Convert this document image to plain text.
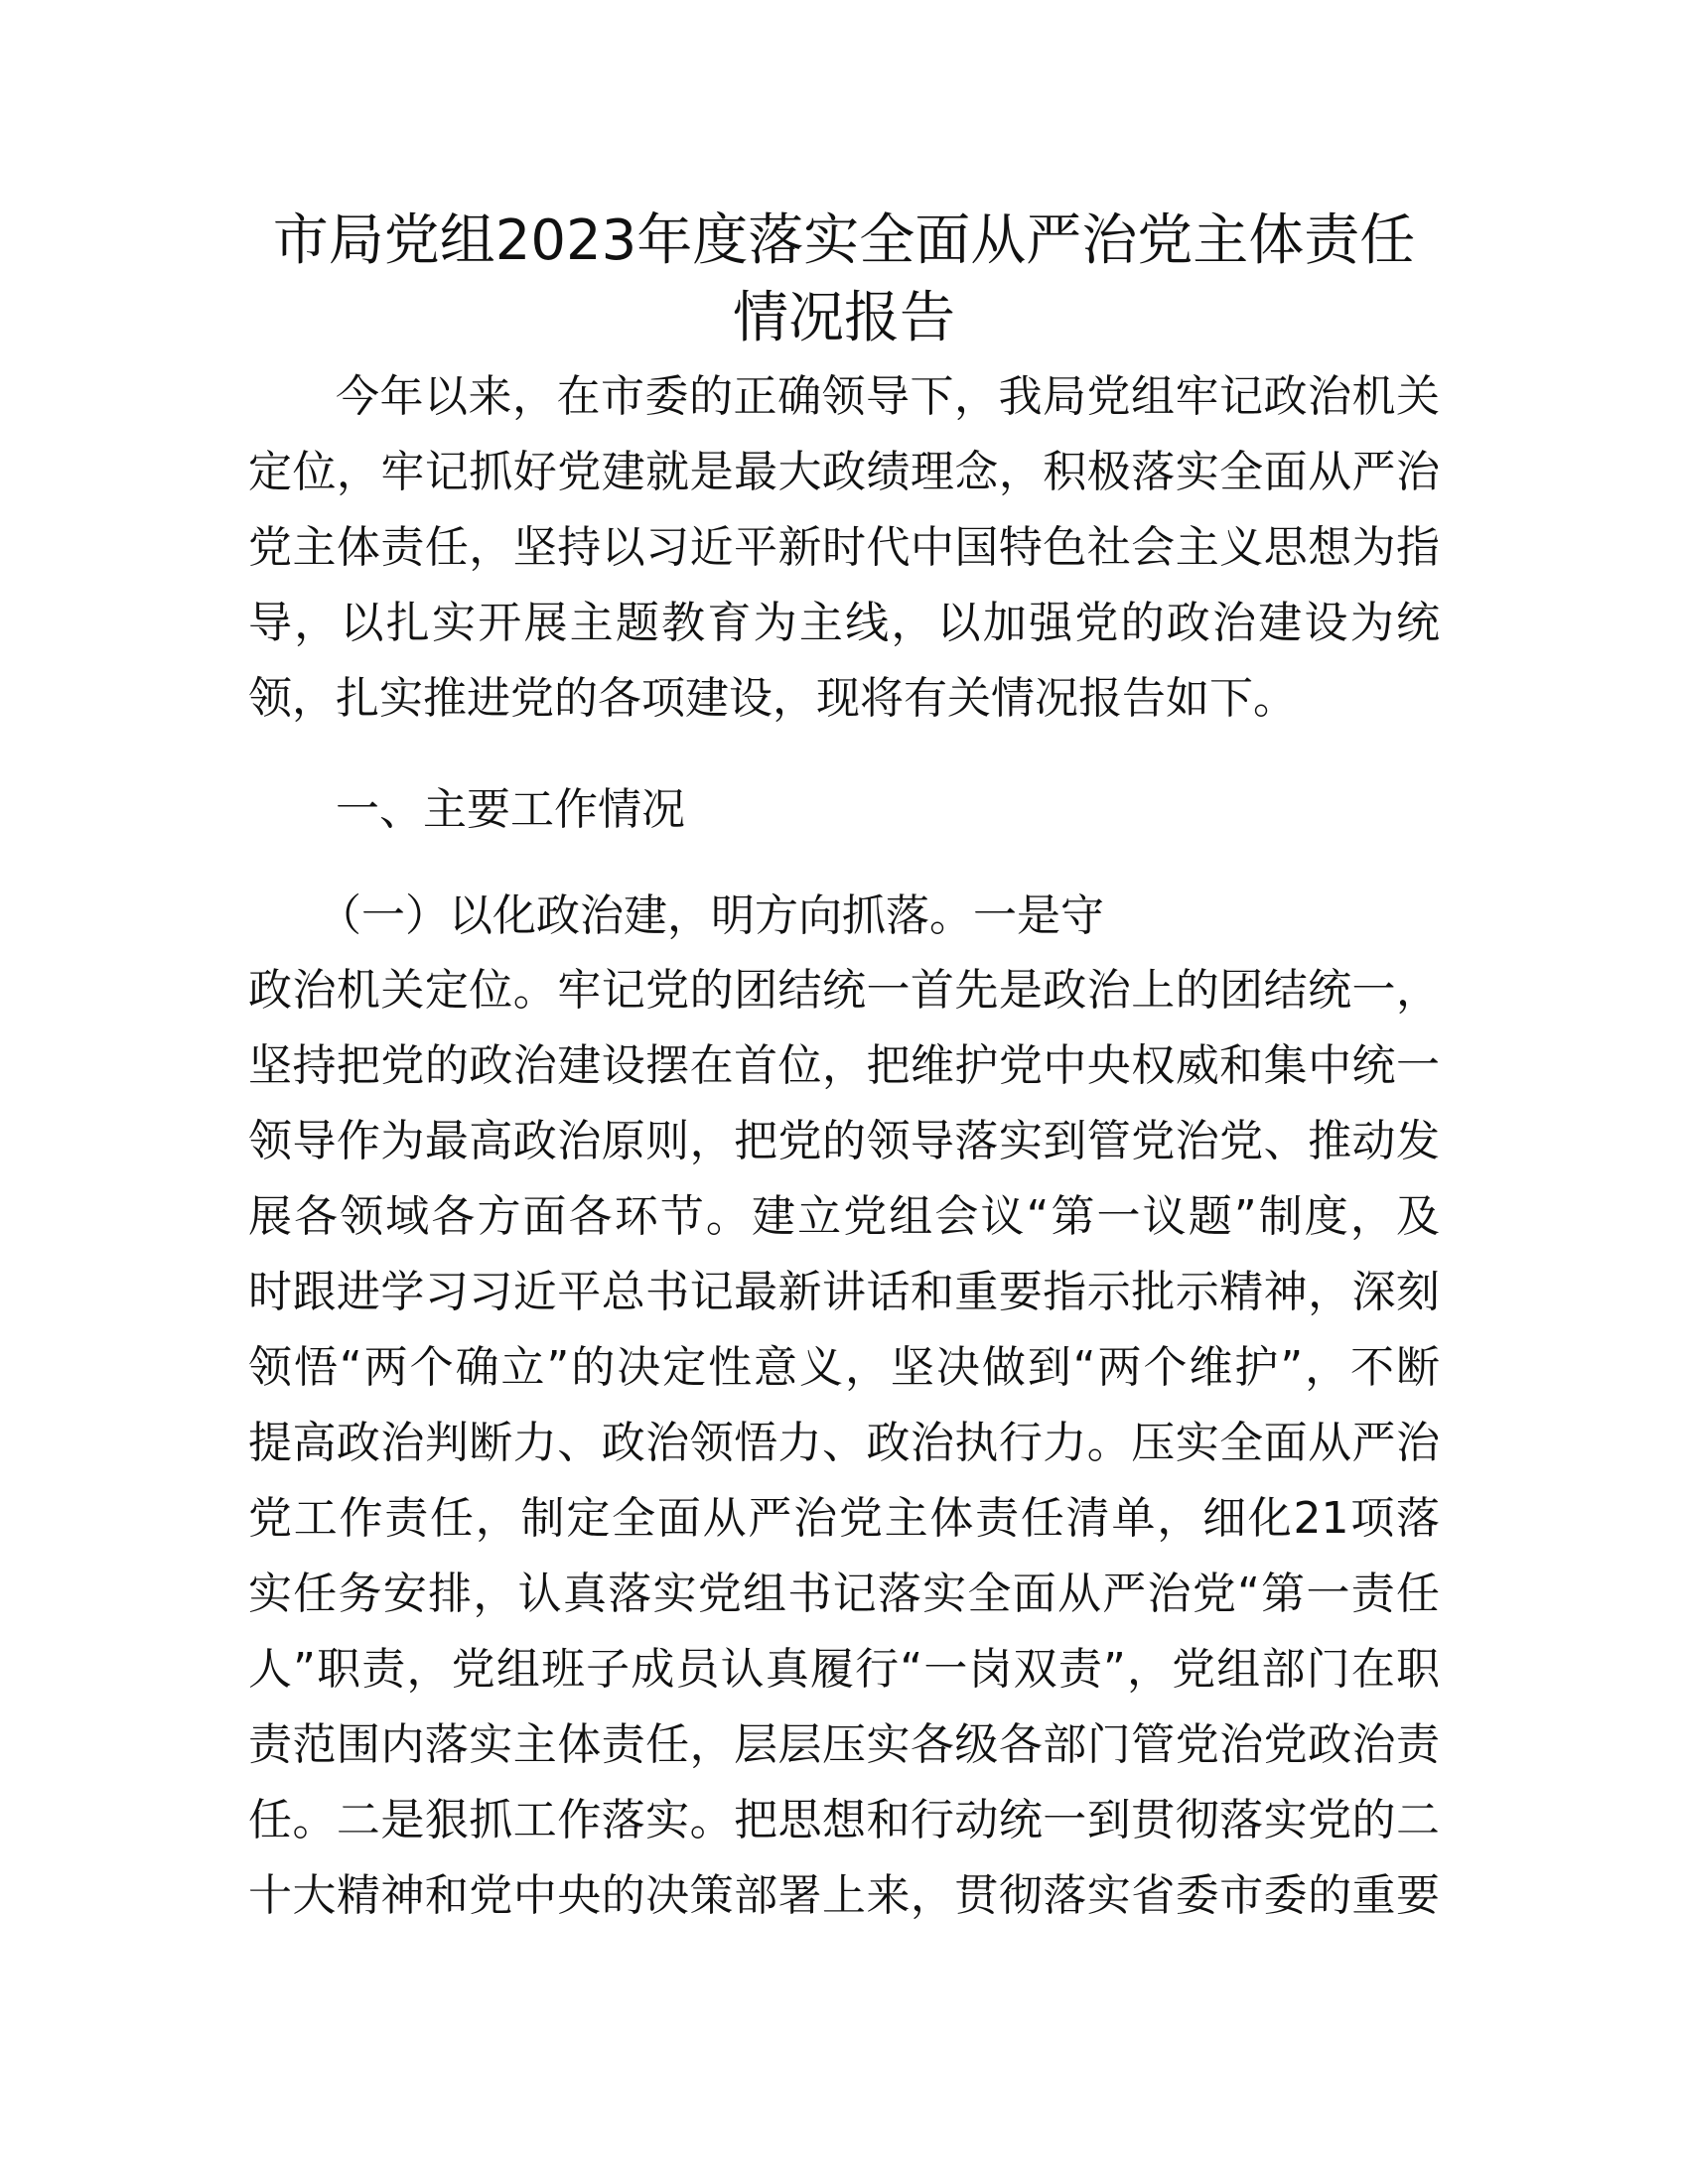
市局党组2023年度落实全面从严治党主体责任
情况报告
今年以来，在市委的正确领导下，我局党组牢记政治机关
定位，牢记抓好党建就是最大政绩理念，积极落实全面从严治
党主体责任，坚持以习近平新时代中国特色社会主义思想为指
导，以扎实开展主题教育为主线，以加强党的政治建设为统
领，扎实推进党的各项建设，现将有关情况报告如下。
一、主要工作情况
（一）以化政治建，明方向抓落。一是守
政治机关定位。牢记党的团结统一首先是政治上的团结统一，
坚持把党的政治建设摆在首位，把维护党中央权威和集中统一
领导作为最高政治原则，把党的领导落实到管党治党、推动发
展各领域各方面各环节。建立党组会议“第一议题”制度，及
时跟进学习习近平总书记最新讲话和重要指示批示精神，深刻
领悟“两个确立”的决定性意义，坚决做到“两个维护”，不断
提高政治判断力、政治领悟力、政治执行力。压实全面从严治
党工作责任，制定全面从严治党主体责任清单，细化21项落
实任务安排，认真落实党组书记落实全面从严治党“第一责任
人”职责，党组班子成员认真履行“一岗双责”，党组部门在职
责范围内落实主体责任，层层压实各级各部门管党治党政治责
任。二是狠抓工作落实。把思想和行动统一到贯彻落实党的二
十大精神和党中央的决策部署上来，贯彻落实省委市委的重要
